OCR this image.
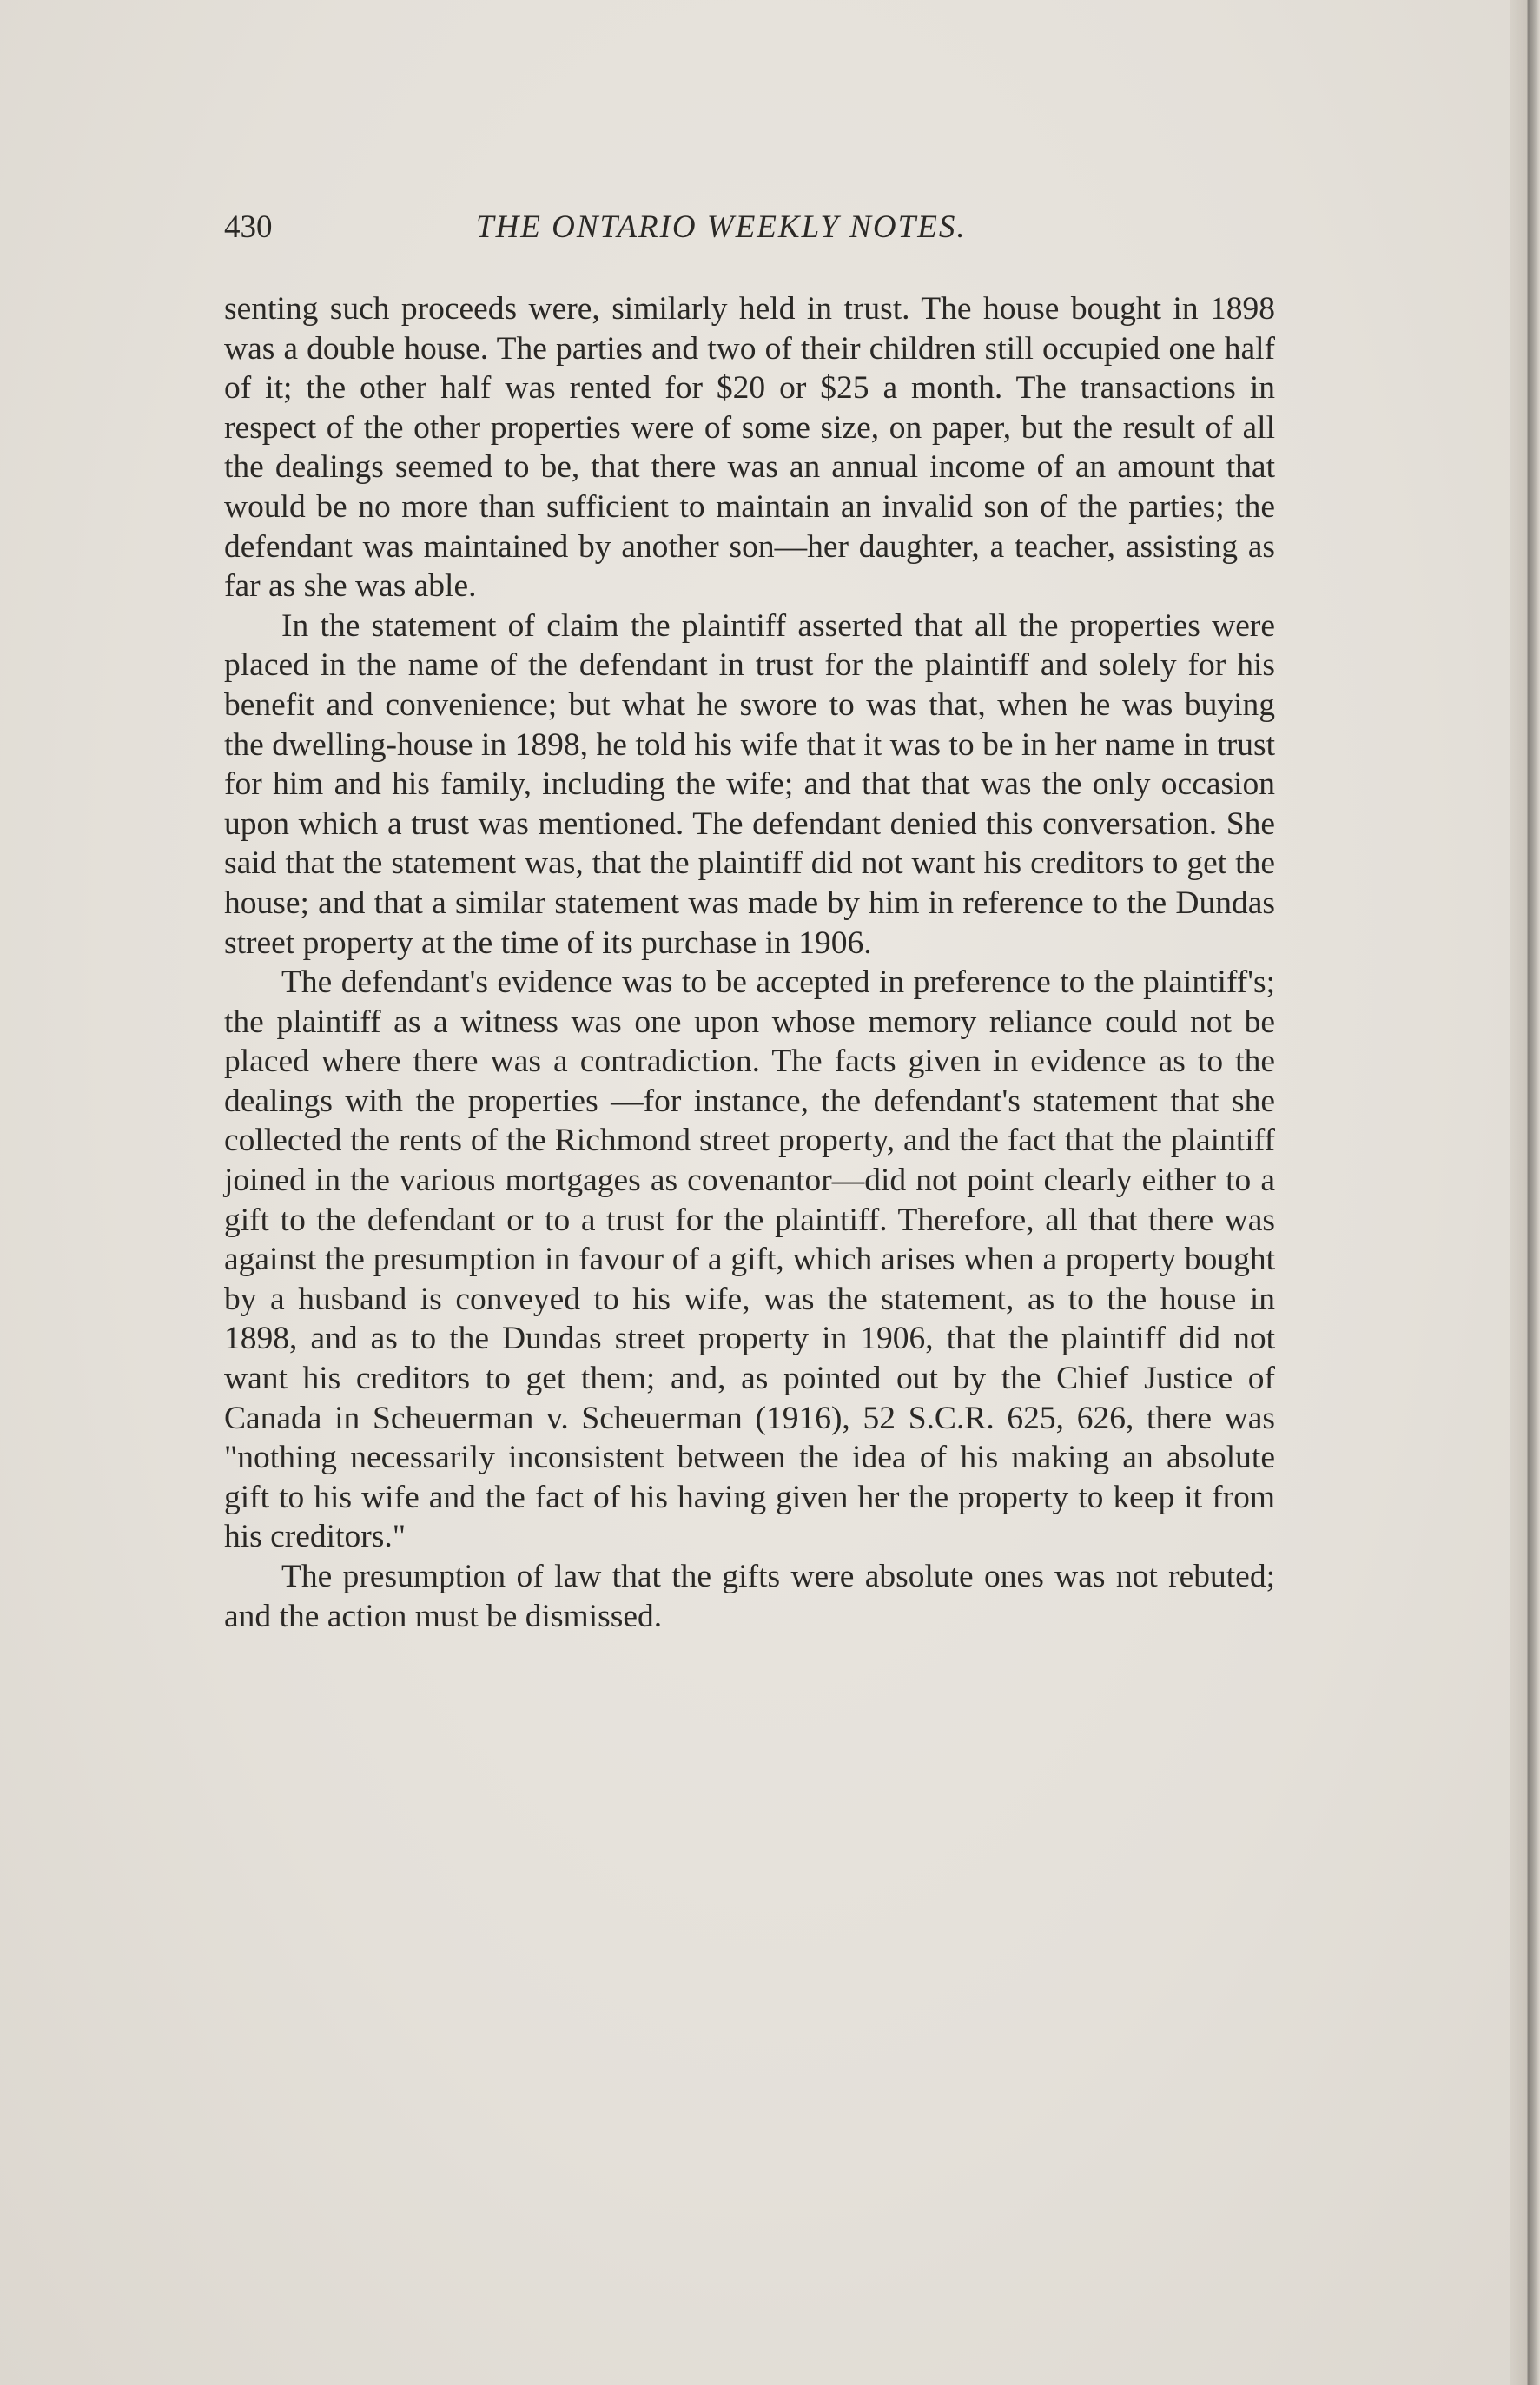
430	THE ONTARIO WEEKLY NOTES.

senting such proceeds were, similarly held in trust. The house bought in 1898 was a double house. The parties and two of their children still occupied one half of it; the other half was rented for $20 or $25 a month. The transactions in respect of the other properties were of some size, on paper, but the result of all the dealings seemed to be, that there was an annual income of an amount that would be no more than sufficient to maintain an invalid son of the parties; the defendant was maintained by another son—her daughter, a teacher, assisting as far as she was able.

In the statement of claim the plaintiff asserted that all the properties were placed in the name of the defendant in trust for the plaintiff and solely for his benefit and convenience; but what he swore to was that, when he was buying the dwelling-house in 1898, he told his wife that it was to be in her name in trust for him and his family, including the wife; and that that was the only occasion upon which a trust was mentioned. The defendant denied this conversation. She said that the statement was, that the plaintiff did not want his creditors to get the house; and that a similar statement was made by him in reference to the Dundas street property at the time of its purchase in 1906.

The defendant's evidence was to be accepted in preference to the plaintiff's; the plaintiff as a witness was one upon whose memory reliance could not be placed where there was a contradiction. The facts given in evidence as to the dealings with the properties —for instance, the defendant's statement that she collected the rents of the Richmond street property, and the fact that the plaintiff joined in the various mortgages as covenantor—did not point clearly either to a gift to the defendant or to a trust for the plaintiff. Therefore, all that there was against the presumption in favour of a gift, which arises when a property bought by a husband is conveyed to his wife, was the statement, as to the house in 1898, and as to the Dundas street property in 1906, that the plaintiff did not want his creditors to get them; and, as pointed out by the Chief Justice of Canada in Scheuerman v. Scheuerman (1916), 52 S.C.R. 625, 626, there was "nothing necessarily inconsistent between the idea of his making an absolute gift to his wife and the fact of his having given her the property to keep it from his creditors."

The presumption of law that the gifts were absolute ones was not rebuted; and the action must be dismissed.
